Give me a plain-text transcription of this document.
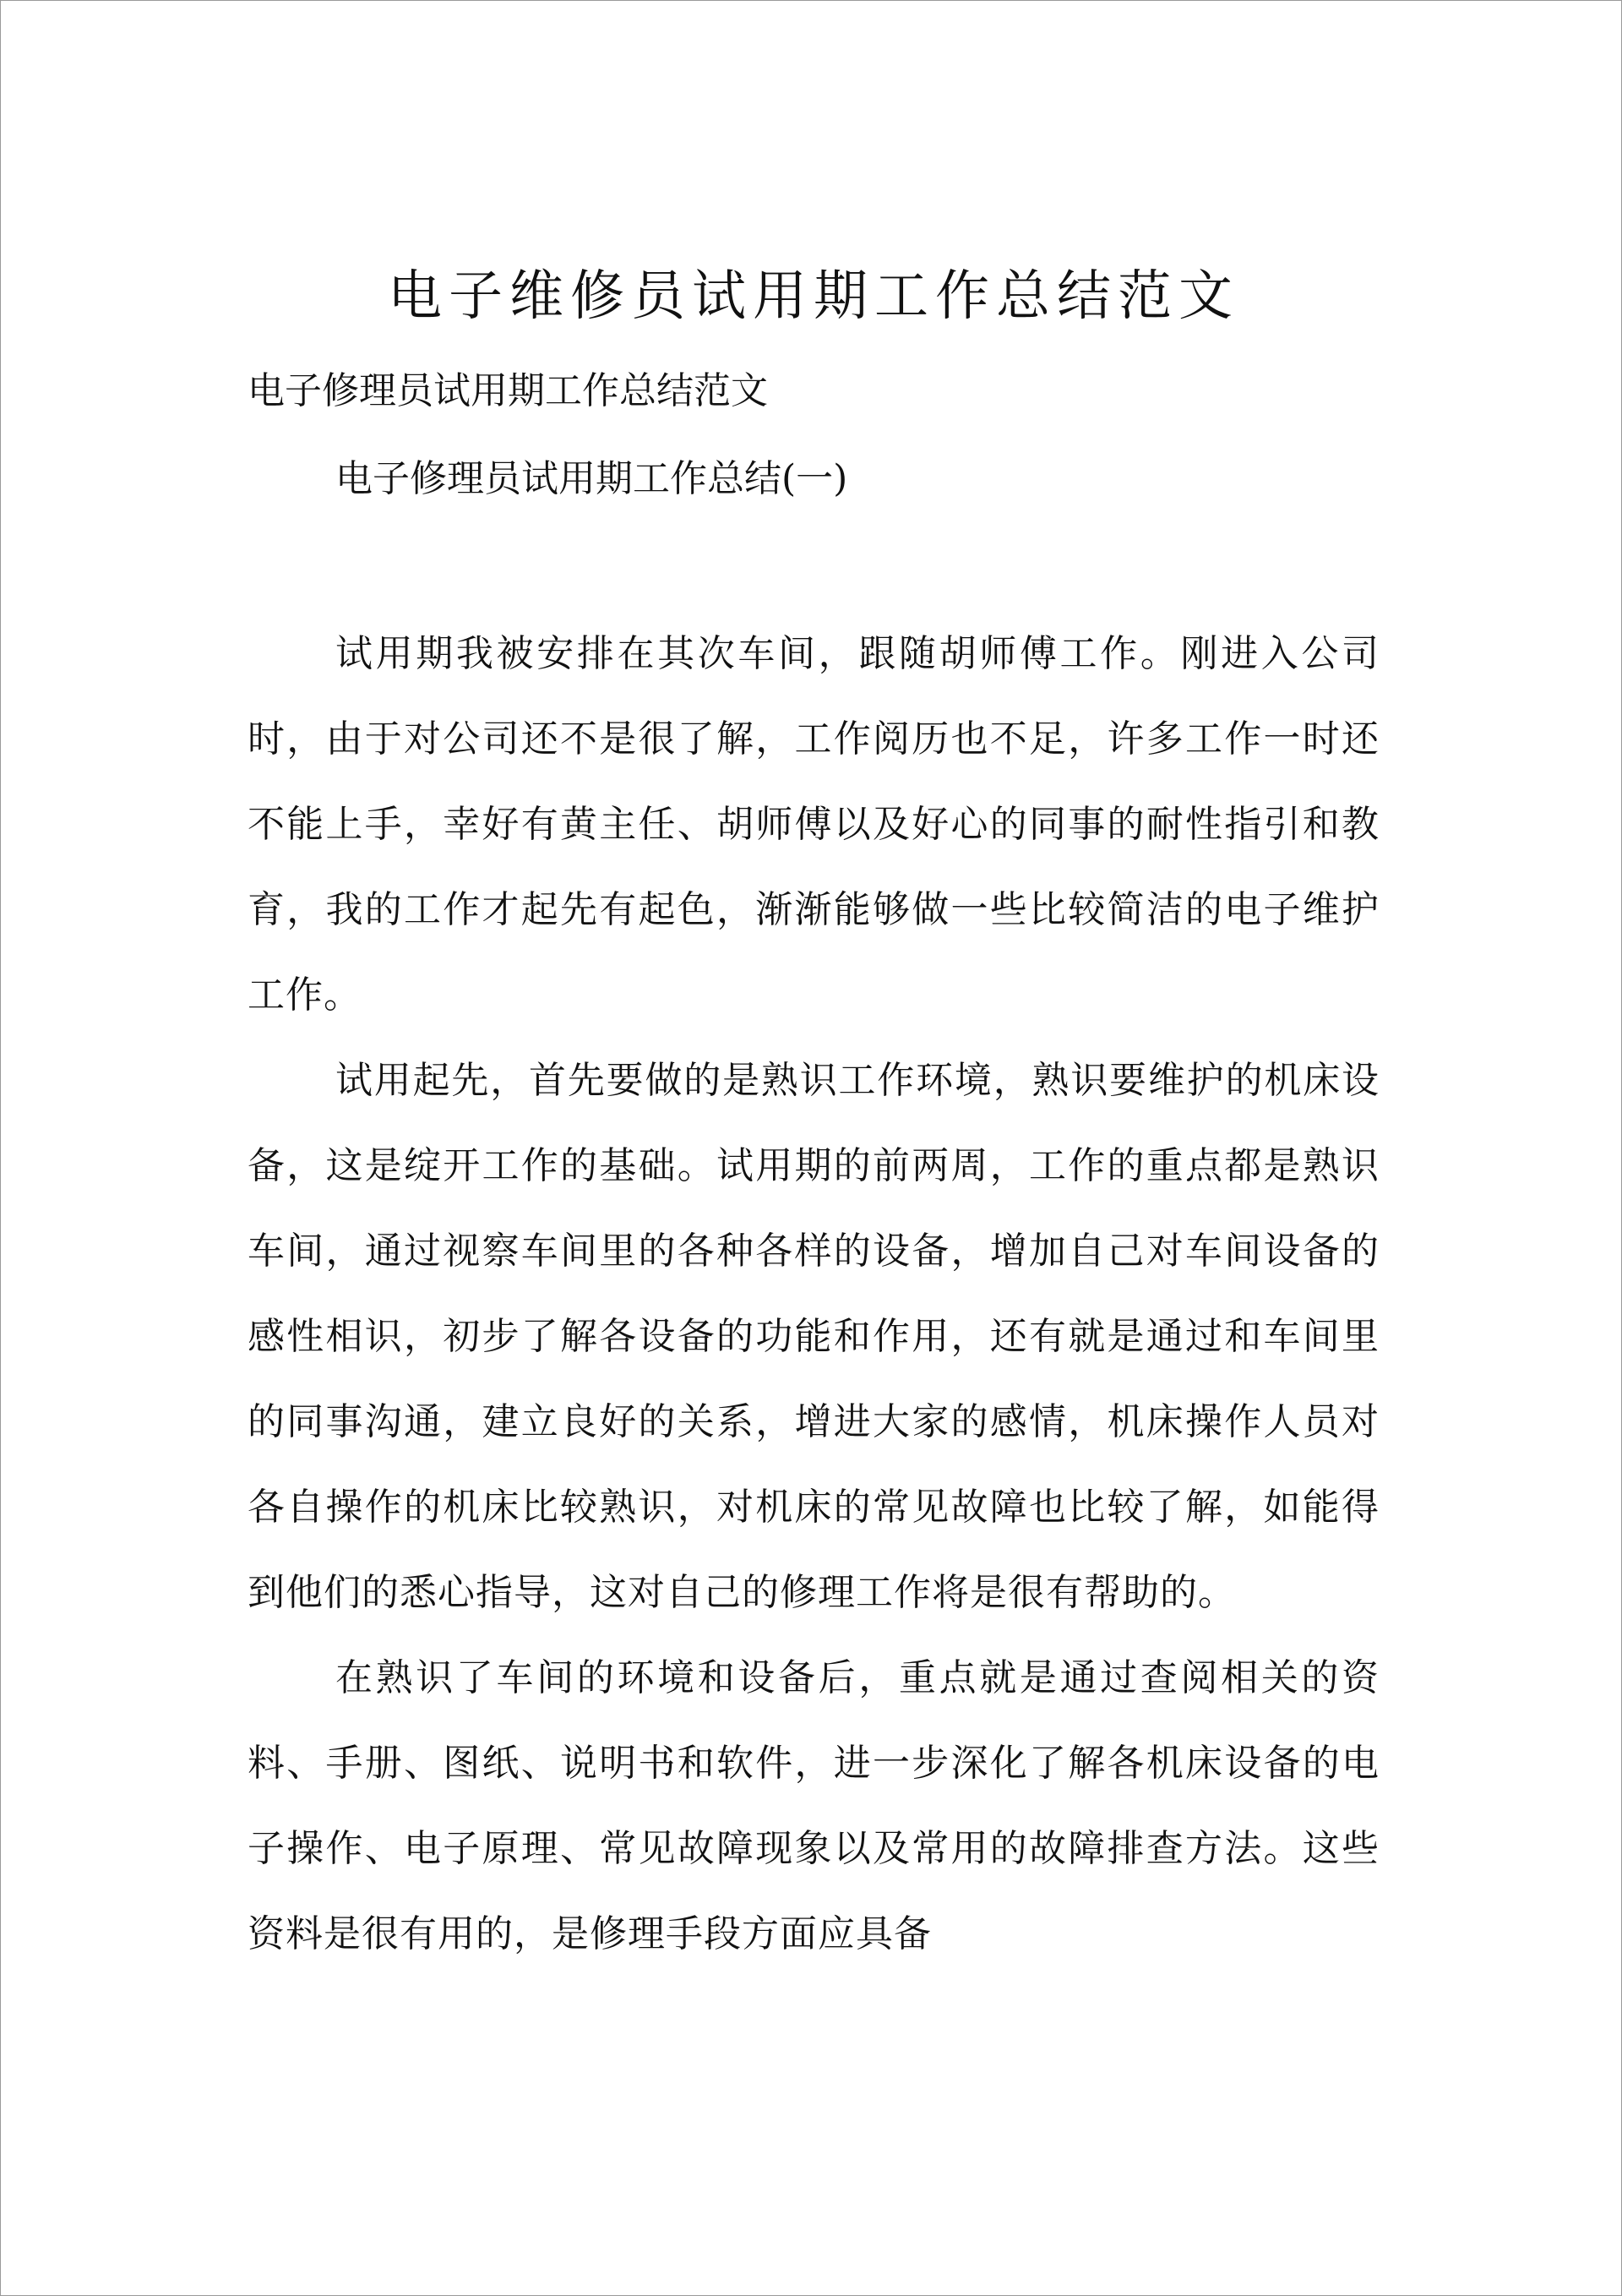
电子维修员试用期工作总结范文

电子修理员试用期工作总结范文

电子修理员试用期工作总结(一)

试用期我被安排在其次车间，跟随胡师傅工作。刚进入公司时，由于对公司还不是很了解，工作阅历也不足，许多工作一时还不能上手，幸好有黄主任、胡师傅以及好心的同事的耐性指引和教育，我的工作才起先有起色，渐渐能够做一些比较简洁的电子维护工作。

试用起先，首先要做的是熟识工作环境，熟识要维护的机床设备，这是绽开工作的基础。试用期的前两周，工作的重点都是熟识车间，通过视察车间里的各种各样的设备，增加自己对车间设备的感性相识，初步了解各设备的功能和作用，还有就是通过和车间里的同事沟通，建立良好的关系，增进大家的感情，机床操作人员对各自操作的机床比较熟识，对机床的常见故障也比较了解，如能得到他们的悉心指导，这对自己的修理工作将是很有帮助的。

在熟识了车间的环境和设备后，重点就是通过查阅相关的资料、手册、图纸、说明书和软件，进一步深化了解各机床设备的电子操作、电子原理、常见故障现象以及常用的故障排查方法。这些资料是很有用的，是修理手段方面应具备
